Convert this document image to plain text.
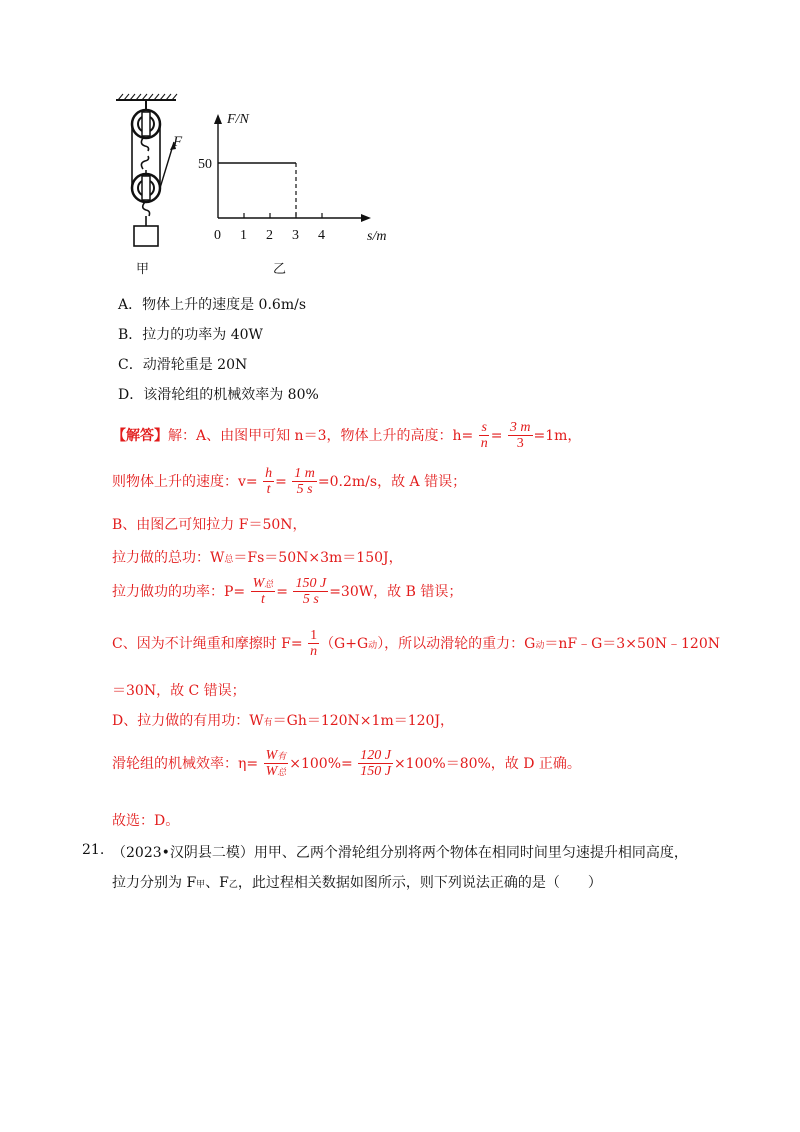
F
甲
F/N
s/m
0 1 2 3 4
50
乙
A．物体上升的速度是 0.6m/s
B．拉力的功率为 40W
C．动滑轮重是 20N
D．该滑轮组的机械效率为 80%
【解答】解：A、由图甲可知 n＝3，物体上升的高度：$h= \frac{s}{n} = \frac{3 m}{3} =1m$，
则物体上升的速度：$v= \frac{h}{t} = \frac{1 m}{5 s} =0.2m/s$，故 A 错误；
B、由图乙可知拉力 F＝50N，
拉力做的总功：W总＝Fs＝50N×3m＝150J，
拉力做功的功率：$P= \frac{\text{W总}}{t} = \frac{150 J}{5 s} =30W$，故 B 错误；
C、因为不计绳重和摩擦时 $F= \frac{1}{n} (G+G$动），所以动滑轮的重力：G动＝nF﹣G＝3×50N﹣120N
＝30N，故 C 错误；
D、拉力做的有用功：W有＝Gh＝120N×1m＝120J，
滑轮组的机械效率：$\eta= \frac{\text{W有}}{\text{W总}} \times 100\%= \frac{120 J}{150 J} \times 100\%=80\%$，故 D 正确。
故选：D。
21. （2023•汉阴县二模）用甲、乙两个滑轮组分别将两个物体在相同时间里匀速提升相同高度，
拉力分别为 F甲、F乙，此过程相关数据如图所示，则下列说法正确的是（　　）
